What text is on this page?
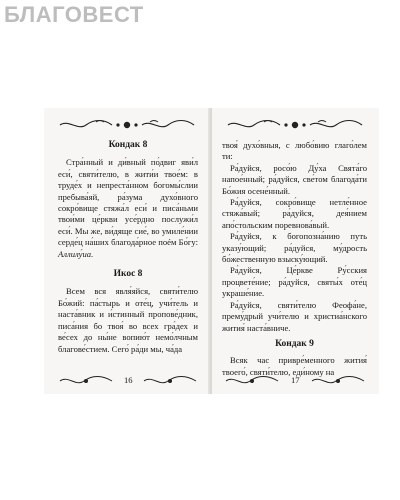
БЛАГОВЕСТ

Кондак 8

Стра́нный и ди́вный по́двиг яви́л еси́, святи́телю, в жити́и твое́м: в труде́х и непреста́нном богомы́слии пребыва́яй, ра́зума духо́вного сокро́вище стяжа́л еси́ и писа́ньми твои́ми це́ркви усе́рдно послужи́л еси́. Мы же, ви́дяще сие́, во умиле́нии серде́ц на́ших благода́рное поéм Бо́гу: Аллилу́иа.

Икос 8

Всем вся явля́яйся, святи́телю Бо́жий: па́стырь и оте́ц, учи́тель и наста́вник и и́стинный пропове́дник, писа́ния бо твоя́ во всех гра́дех и ве́сех до ны́не вопию́т немо́лчным благове́стием. Сего́ ра́ди мы, ча́да

16

твоя́ духо́вныя, с любо́вию глаго́лем ти:

Ра́дуйся, росо́ю Ду́ха Свята́го напое́нный; ра́дуйся, све́том благода́ти Бо́жия осене́нный.

Ра́дуйся, сокро́вище нетле́нное стяжа́вый; ра́дуйся, дея́нием апо́стольским поревнова́вый.

Ра́дуйся, к богопозна́нию путь указу́ющий; ра́дуйся, му́дрость бо́жественную взыску́ющий.

Ра́дуйся, Це́ркве Ру́сския процвете́ние; ра́дуйся, святы́х оте́ц украше́ние.

Ра́дуйся, святи́телю Феофа́не, прему́дрый учи́телю и христиа́нского жития́ наста́вниче.

Кондак 9

Всяк час привре́менного жития́ твоего́, святи́телю, еди́ному на

17
